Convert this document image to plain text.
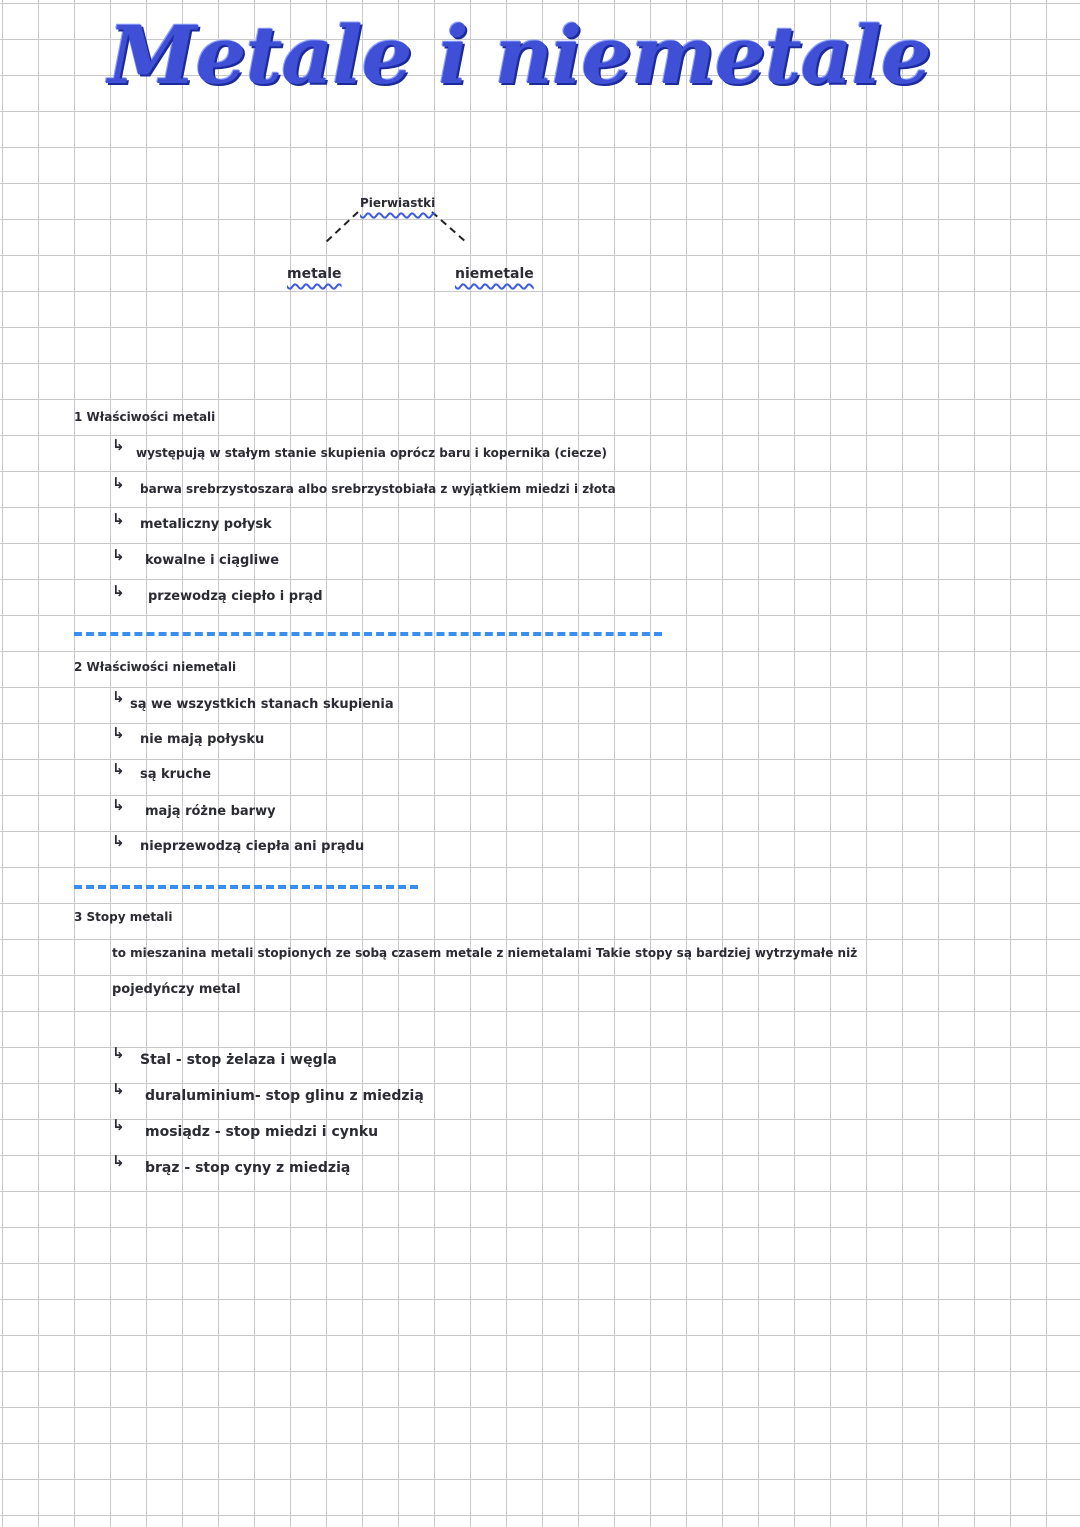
Metale i niemetale
Pierwiastki
metale	niemetale
1 Właściwości metali
↳ występują w stałym stanie skupienia oprócz baru i kopernika (ciecze)
↳ barwa srebrzystoszara albo srebrzystobiała z wyjątkiem miedzi i złota
↳ metaliczny połysk
↳ kowalne i ciągliwe
↳ przewodzą ciepło i prąd
2 Właściwości niemetali
↳ są we wszystkich stanach skupienia
↳ nie mają połysku
↳ są kruche
↳ mają różne barwy
↳ nieprzewodzą ciepła ani prądu
3 Stopy metali
to mieszanina metali stopionych ze sobą czasem metale z niemetalami Takie stopy są bardziej wytrzymałe niż
pojedyńczy metal
↳ Stal - stop żelaza i węgla
↳ duraluminium- stop glinu z miedzią
↳ mosiądz - stop miedzi i cynku
↳ brąz - stop cyny z miedzią
